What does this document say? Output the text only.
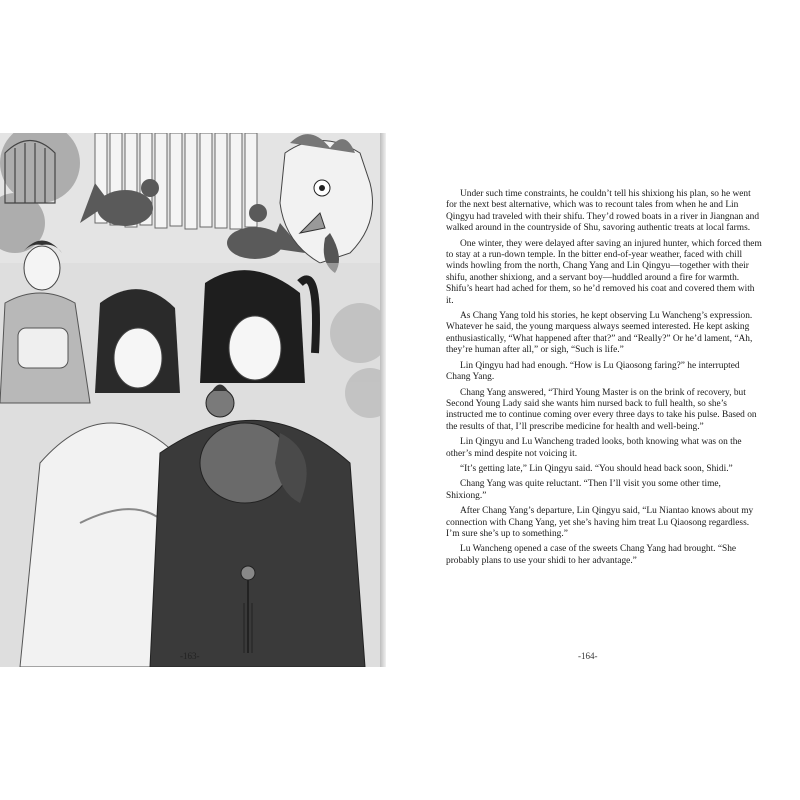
-163-

Under such time constraints, he couldn’t tell his shixiong his plan, so he went for the next best alternative, which was to recount tales from when he and Lin Qingyu had traveled with their shifu. They’d rowed boats in a river in Jiangnan and walked around in the countryside of Shu, savoring authentic treats at local farms.

One winter, they were delayed after saving an injured hunter, which forced them to stay at a run-down temple. In the bitter end-of-year weather, faced with chill winds howling from the north, Chang Yang and Lin Qingyu—together with their shifu, another shixiong, and a servant boy—huddled around a fire for warmth. Shifu’s heart had ached for them, so he’d removed his coat and covered them with it.

As Chang Yang told his stories, he kept observing Lu Wancheng’s expression. Whatever he said, the young marquess always seemed interested. He kept asking enthusiastically, “What happened after that?” and “Really?” Or he’d lament, “Ah, they’re human after all,” or sigh, “Such is life.”

Lin Qingyu had had enough. “How is Lu Qiaosong faring?” he interrupted Chang Yang.

Chang Yang answered, “Third Young Master is on the brink of recovery, but Second Young Lady said she wants him nursed back to full health, so she’s instructed me to continue coming over every three days to take his pulse. Based on the results of that, I’ll prescribe medicine for health and well-being.”

Lin Qingyu and Lu Wancheng traded looks, both knowing what was on the other’s mind despite not voicing it.

“It’s getting late,” Lin Qingyu said. “You should head back soon, Shidi.”

Chang Yang was quite reluctant. “Then I’ll visit you some other time, Shixiong.”

After Chang Yang’s departure, Lin Qingyu said, “Lu Niantao knows about my connection with Chang Yang, yet she’s having him treat Lu Qiaosong regardless. I’m sure she’s up to something.”

Lu Wancheng opened a case of the sweets Chang Yang had brought. “She probably plans to use your shidi to her advantage.”

-164-
